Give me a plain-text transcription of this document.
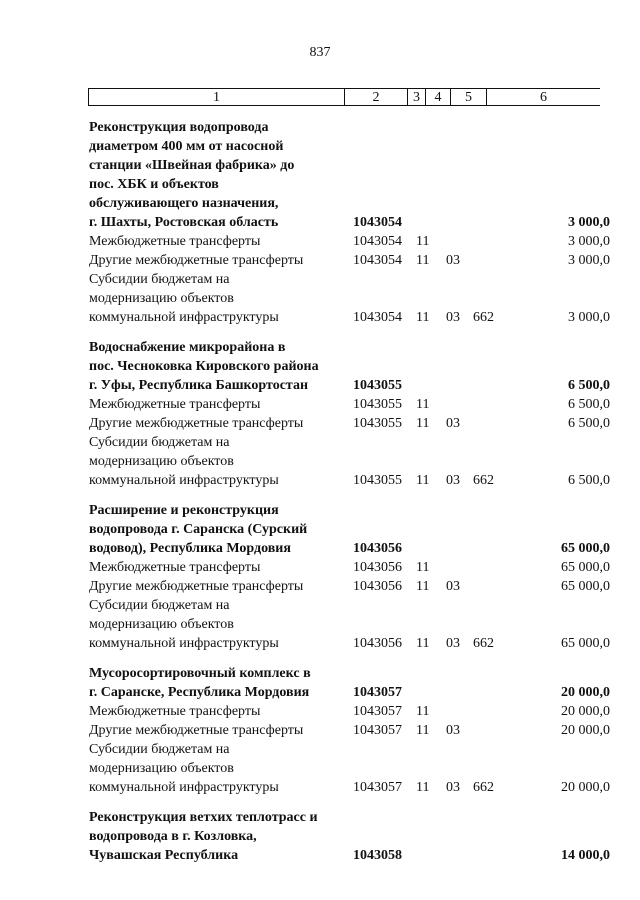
837
1	2	3	4	5	6
Реконструкция водопровода
диаметром 400 мм от насосной
станции «Швейная фабрика» до
пос. ХБК и объектов
обслуживающего назначения,
г. Шахты, Ростовская область	1043054	3 000,0
Межбюджетные трансферты	1043054 11	3 000,0
Другие межбюджетные трансферты	1043054 11 03	3 000,0
Субсидии бюджетам на
модернизацию объектов
коммунальной инфраструктуры	1043054 11 03 662	3 000,0
Водоснабжение микрорайона в
пос. Чесноковка Кировского района
г. Уфы, Республика Башкортостан	1043055	6 500,0
Межбюджетные трансферты	1043055 11	6 500,0
Другие межбюджетные трансферты	1043055 11 03	6 500,0
Субсидии бюджетам на
модернизацию объектов
коммунальной инфраструктуры	1043055 11 03 662	6 500,0
Расширение и реконструкция
водопровода г. Саранска (Сурский
водовод), Республика Мордовия	1043056	65 000,0
Межбюджетные трансферты	1043056 11	65 000,0
Другие межбюджетные трансферты	1043056 11 03	65 000,0
Субсидии бюджетам на
модернизацию объектов
коммунальной инфраструктуры	1043056 11 03 662	65 000,0
Мусоросортировочный комплекс в
г. Саранске, Республика Мордовия	1043057	20 000,0
Межбюджетные трансферты	1043057 11	20 000,0
Другие межбюджетные трансферты	1043057 11 03	20 000,0
Субсидии бюджетам на
модернизацию объектов
коммунальной инфраструктуры	1043057 11 03 662	20 000,0
Реконструкция ветхих теплотрасс и
водопровода в г. Козловка,
Чувашская Республика	1043058	14 000,0
